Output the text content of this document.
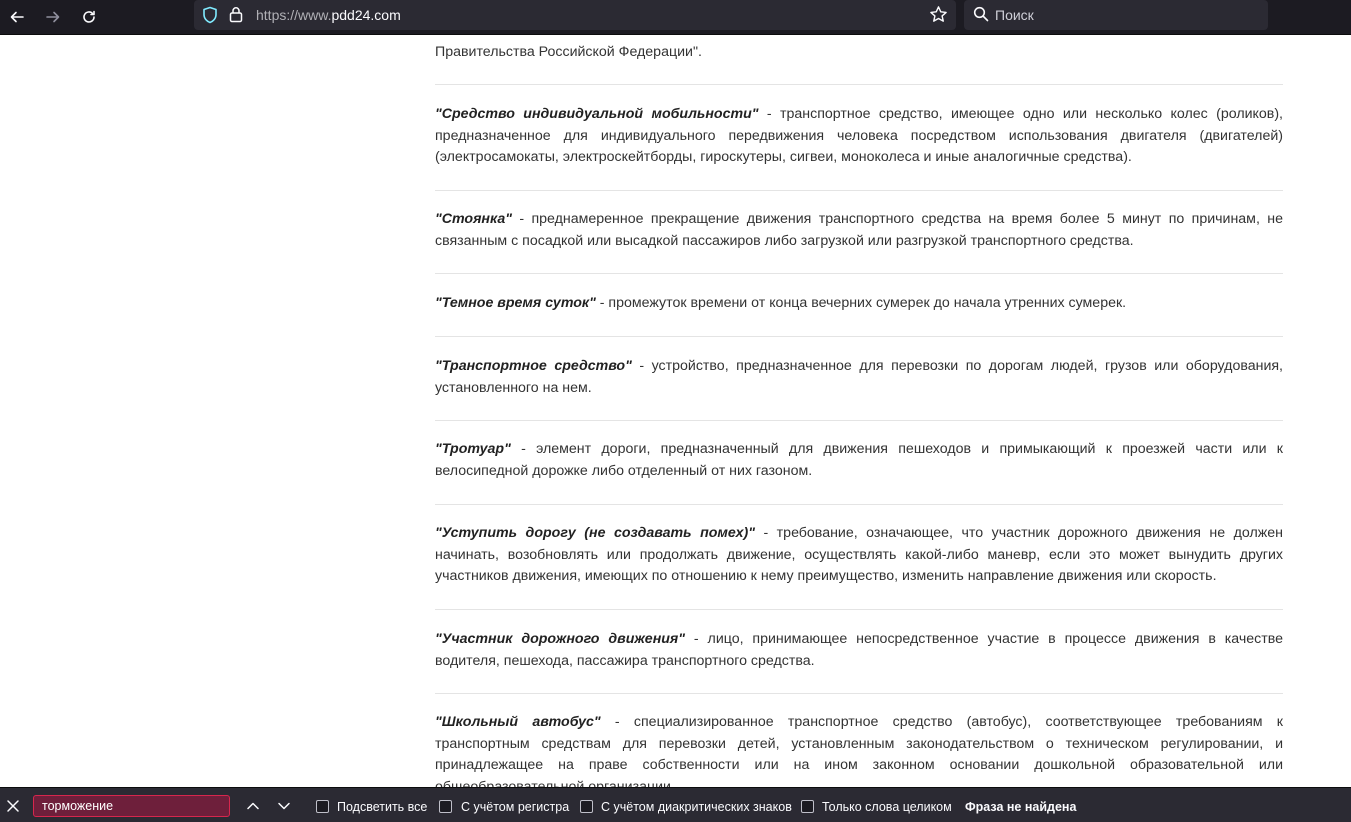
https://www.pdd24.com	Поиск
Правительства Российской Федерации".
"Средство индивидуальной мобильности" - транспортное средство, имеющее одно или несколько колес (роликов), предназначенное для индивидуального передвижения человека посредством использования двигателя (двигателей) (электросамокаты, электроскейтборды, гироскутеры, сигвеи, моноколеса и иные аналогичные средства).
"Стоянка" - преднамеренное прекращение движения транспортного средства на время более 5 минут по причинам, не связанным с посадкой или высадкой пассажиров либо загрузкой или разгрузкой транспортного средства.
"Темное время суток" - промежуток времени от конца вечерних сумерек до начала утренних сумерек.
"Транспортное средство" - устройство, предназначенное для перевозки по дорогам людей, грузов или оборудования, установленного на нем.
"Тротуар" - элемент дороги, предназначенный для движения пешеходов и примыкающий к проезжей части или к велосипедной дорожке либо отделенный от них газоном.
"Уступить дорогу (не создавать помех)" - требование, означающее, что участник дорожного движения не должен начинать, возобновлять или продолжать движение, осуществлять какой-либо маневр, если это может вынудить других участников движения, имеющих по отношению к нему преимущество, изменить направление движения или скорость.
"Участник дорожного движения" - лицо, принимающее непосредственное участие в процессе движения в качестве водителя, пешехода, пассажира транспортного средства.
"Школьный автобус" - специализированное транспортное средство (автобус), соответствующее требованиям к транспортным средствам для перевозки детей, установленным законодательством о техническом регулировании, и принадлежащее на праве собственности или на ином законном основании дошкольной образовательной или
торможение	Подсветить все	С учётом регистра	С учётом диакритических знаков Только слова целиком Фраза не найдена
